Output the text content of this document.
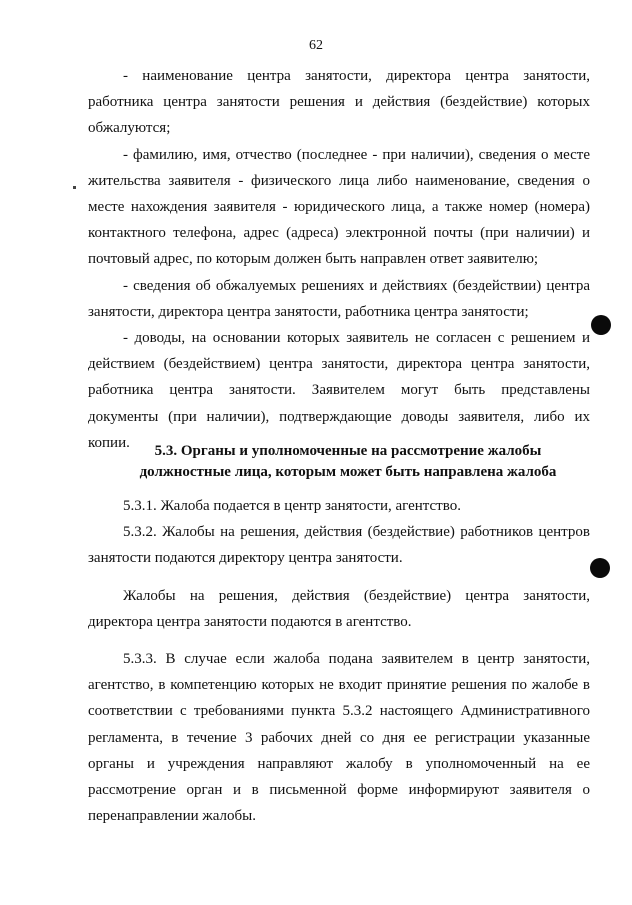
62

- наименование центра занятости, директора центра занятости, работника центра занятости решения и действия (бездействие) которых обжалуются;

- фамилию, имя, отчество (последнее - при наличии), сведения о месте жительства заявителя - физического лица либо наименование, сведения о месте нахождения заявителя - юридического лица, а также номер (номера) контактного телефона, адрес (адреса) электронной почты (при наличии) и почтовый адрес, по которым должен быть направлен ответ заявителю;

- сведения об обжалуемых решениях и действиях (бездействии) центра занятости, директора центра занятости, работника центра занятости;

- доводы, на основании которых заявитель не согласен с решением и действием (бездействием) центра занятости, директора центра занятости, работника центра занятости. Заявителем могут быть представлены документы (при наличии), подтверждающие доводы заявителя, либо их копии.

5.3. Органы и уполномоченные на рассмотрение жалобы
должностные лица, которым может быть направлена жалоба

5.3.1. Жалоба подается в центр занятости, агентство.

5.3.2. Жалобы на решения, действия (бездействие) работников центров занятости подаются директору центра занятости.

Жалобы на решения, действия (бездействие) центра занятости, директора центра занятости подаются в агентство.

5.3.3. В случае если жалоба подана заявителем в центр занятости, агентство, в компетенцию которых не входит принятие решения по жалобе в соответствии с требованиями пункта 5.3.2 настоящего Административного регламента, в течение 3 рабочих дней со дня ее регистрации указанные органы и учреждения направляют жалобу в уполномоченный на ее рассмотрение орган и в письменной форме информируют заявителя о перенаправлении жалобы.
